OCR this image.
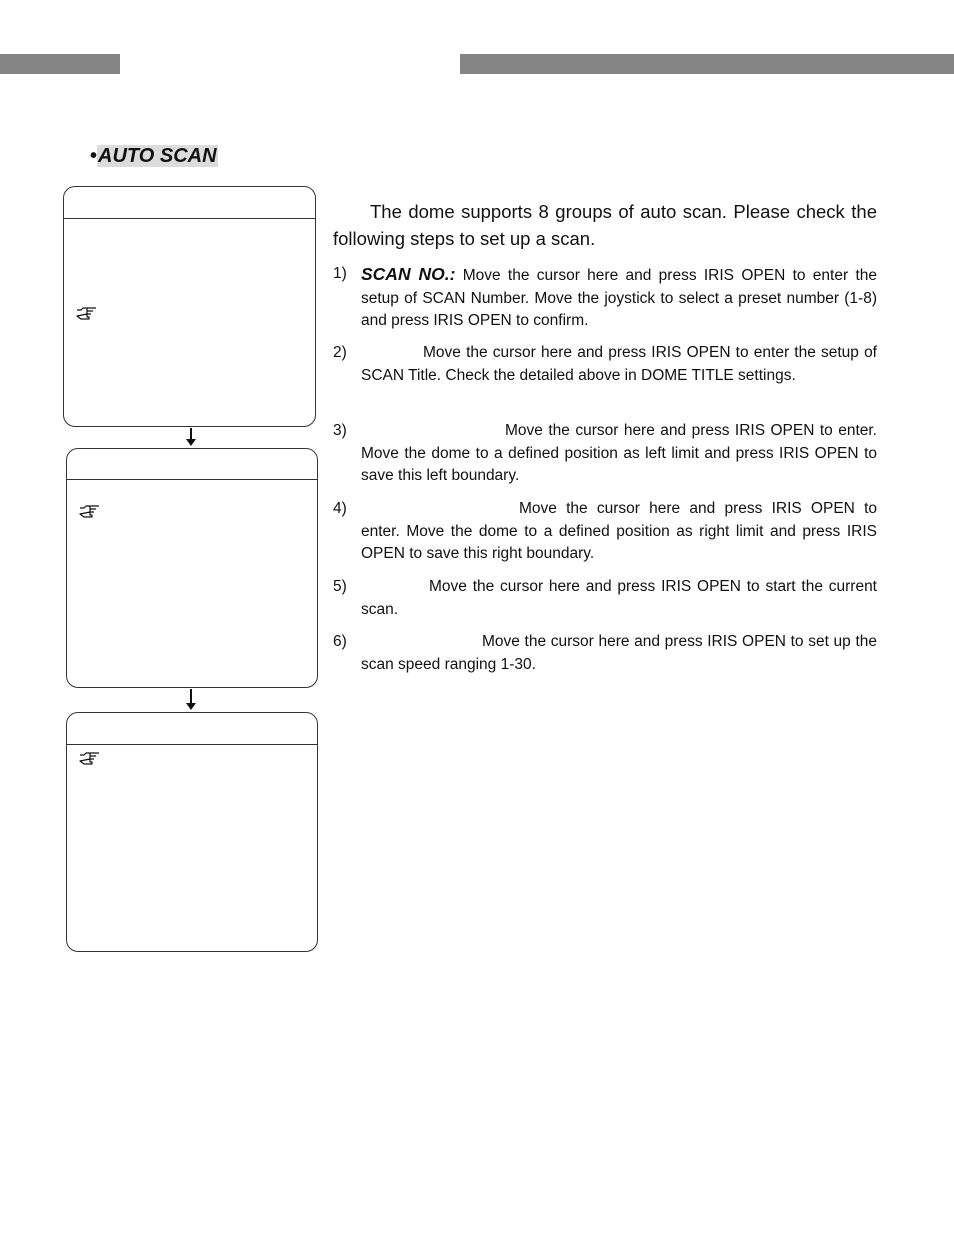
•AUTO SCAN
The dome supports 8 groups of auto scan. Please check the following steps to set up a scan.
1) SCAN NO.: Move the cursor here and press IRIS OPEN to enter the setup of SCAN Number. Move the joystick to select a preset number (1-8) and press IRIS OPEN to confirm.
2)	Move the cursor here and press IRIS OPEN to enter the setup of SCAN Title. Check the detailed above in DOME TITLE settings.
3)	Move the cursor here and press IRIS OPEN to enter. Move the dome to a defined position as left limit and press IRIS OPEN to save this left boundary.
4)	Move the cursor here and press IRIS OPEN to enter. Move the dome to a defined position as right limit and press IRIS OPEN to save this right boundary.
5)	Move the cursor here and press IRIS OPEN to start the current scan.
6)	Move the cursor here and press IRIS OPEN to set up the scan speed ranging 1-30.
